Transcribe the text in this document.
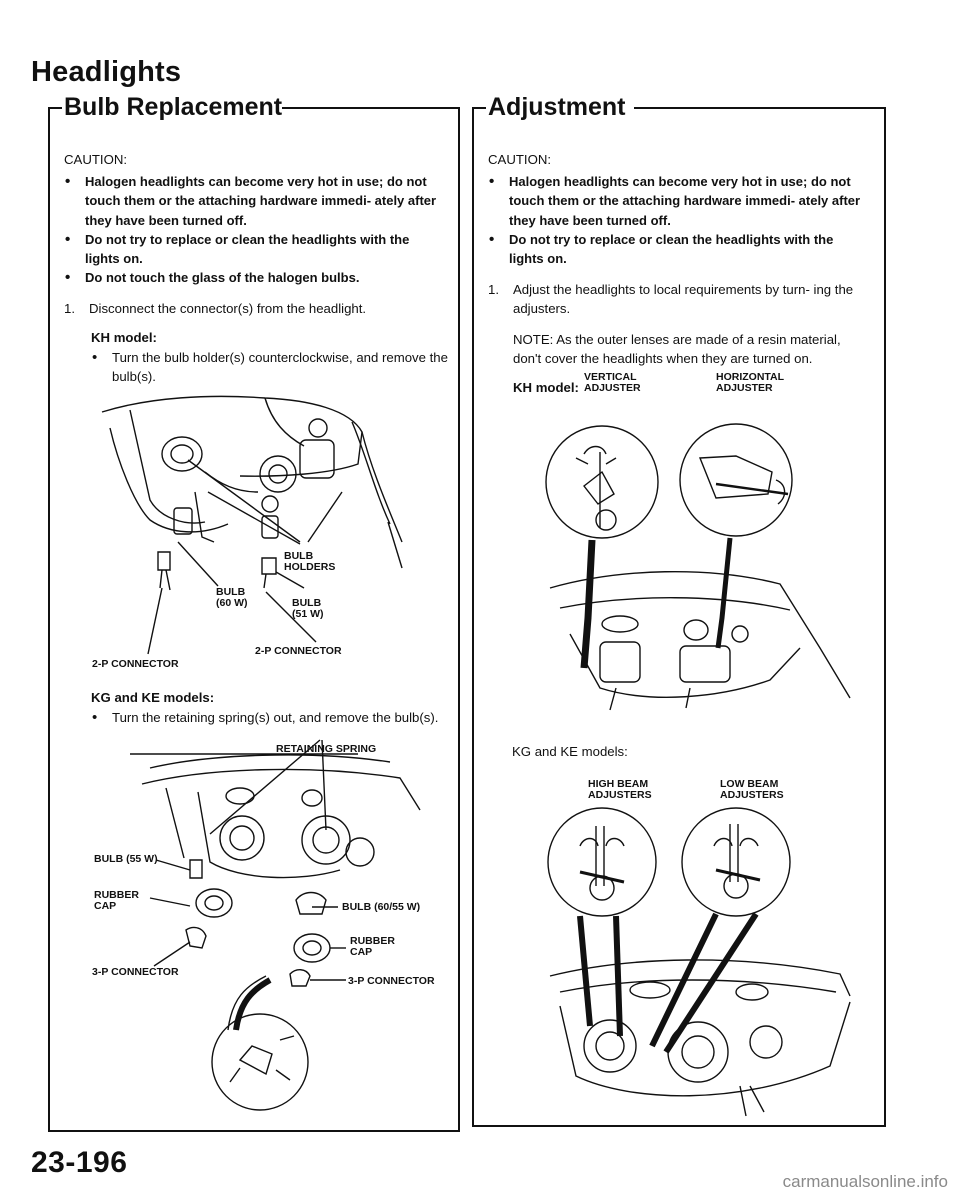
Headlights
Bulb Replacement	Adjustment
CAUTION:
• Halogen headlights can become very hot in use; do not touch them or the attaching hardware immedi- ately after they have been turned off.
• Do not try to replace or clean the headlights with the lights on.
• Do not touch the glass of the halogen bulbs.
1. Disconnect the connector(s) from the headlight.
KH model:
• Turn the bulb holder(s) counterclockwise, and remove the bulb(s).
BULB HOLDERS
BULB (60 W)	BULB (51 W)
2-P CONNECTOR
2-P CONNECTOR
KG and KE models:
• Turn the retaining spring(s) out, and remove the bulb(s).
RETAINING SPRING
BULB (55 W)
RUBBER CAP	BULB (60/55 W)
RUBBER CAP
3-P CONNECTOR
3-P CONNECTOR
CAUTION:
• Halogen headlights can become very hot in use; do not touch them or the attaching hardware immedi- ately after they have been turned off.
• Do not try to replace or clean the headlights with the lights on.
1. Adjust the headlights to local requirements by turn- ing the adjusters.
NOTE: As the outer lenses are made of a resin material, don't cover the headlights when they are turned on.
KH model:
VERTICAL ADJUSTER
HORIZONTAL ADJUSTER
KG and KE models:
HIGH BEAM ADJUSTERS
LOW BEAM ADJUSTERS
23-196
carmanualsonline.info
